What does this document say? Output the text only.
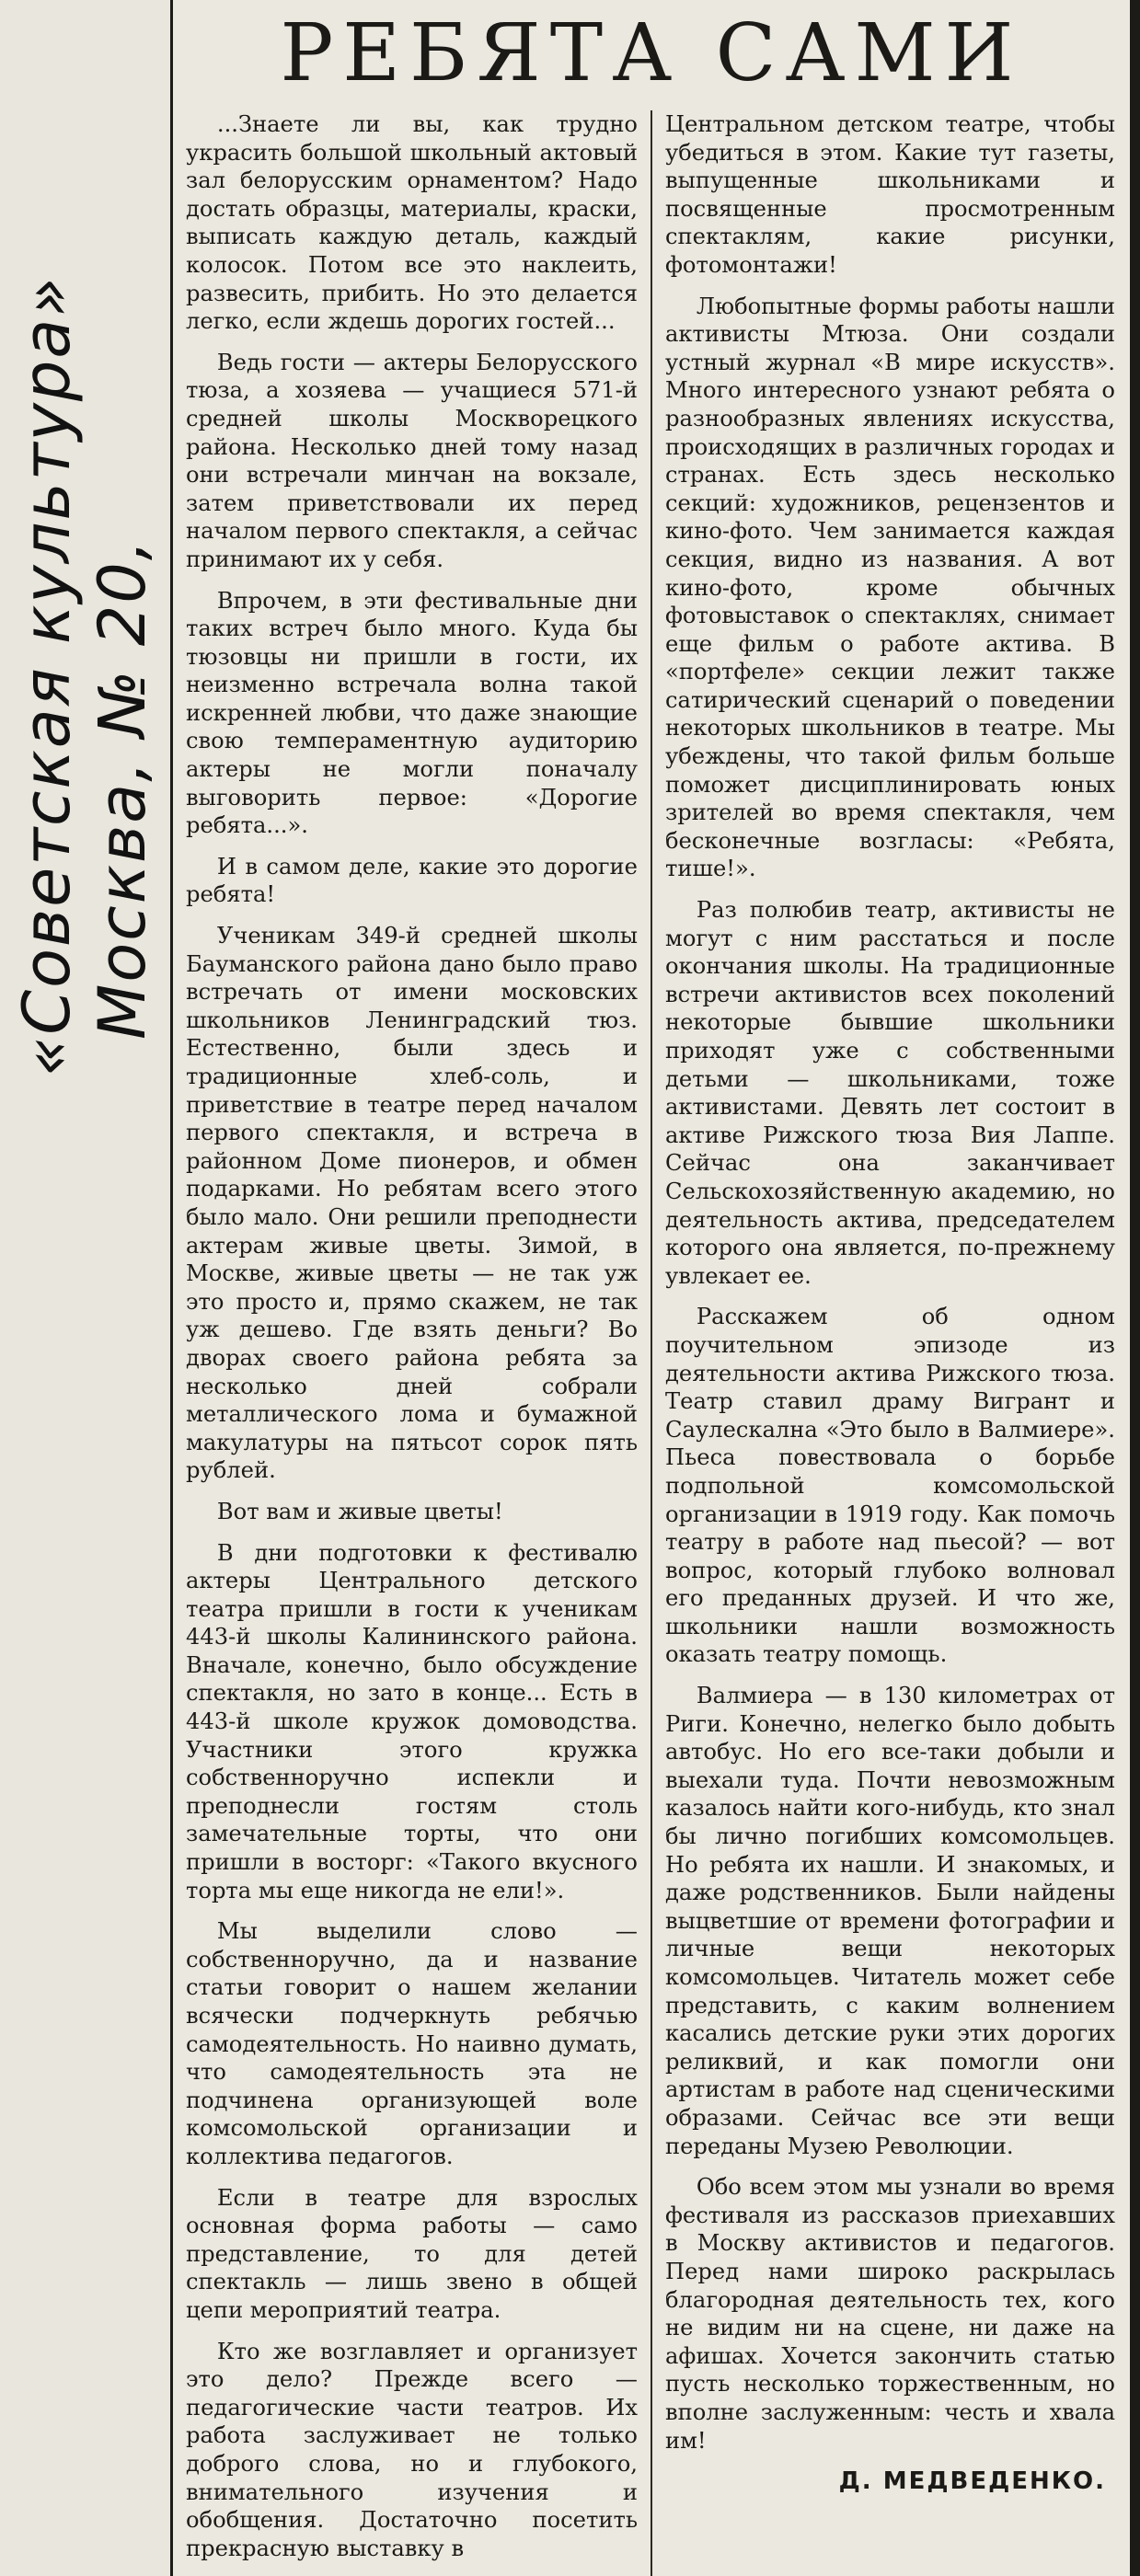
«Советская культура» Москва, № 20,
РЕБЯТА САМИ

...Знаете ли вы, как трудно украсить большой школьный актовый зал белорусским орнаментом? Надо достать образцы, материалы, краски, выписать каждую деталь, каждый колосок. Потом все это наклеить, развесить, прибить. Но это делается легко, если ждешь дорогих гостей...

Ведь гости — актеры Белорусского тюза, а хозяева — учащиеся 571-й средней школы Москворецкого района. Несколько дней тому назад они встречали минчан на вокзале, затем приветствовали их перед началом первого спектакля, а сейчас принимают их у себя.

Впрочем, в эти фестивальные дни таких встреч было много. Куда бы тюзовцы ни пришли в гости, их неизменно встречала волна такой искренней любви, что даже знающие свою темпераментную аудиторию актеры не могли поначалу выговорить первое: «Дорогие ребята...».

И в самом деле, какие это дорогие ребята!

Ученикам 349-й средней школы Бауманского района дано было право встречать от имени московских школьников Ленинградский тюз. Естественно, были здесь и традиционные хлеб-соль, и приветствие в театре перед началом первого спектакля, и встреча в районном Доме пионеров, и обмен подарками. Но ребятам всего этого было мало. Они решили преподнести актерам живые цветы. Зимой, в Москве, живые цветы — не так уж это просто и, прямо скажем, не так уж дешево. Где взять деньги? Во дворах своего района ребята за несколько дней собрали металлического лома и бумажной макулатуры на пятьсот сорок пять рублей.

Вот вам и живые цветы!

В дни подготовки к фестивалю актеры Центрального детского театра пришли в гости к ученикам 443-й школы Калининского района. Вначале, конечно, было обсуждение спектакля, но зато в конце... Есть в 443-й школе кружок домоводства. Участники этого кружка собственноручно испекли и преподнесли гостям столь замечательные торты, что они пришли в восторг: «Такого вкусного торта мы еще никогда не ели!».

Мы выделили слово — собственноручно, да и название статьи говорит о нашем желании всячески подчеркнуть ребячью самодеятельность. Но наивно думать, что самодеятельность эта не подчинена организующей воле комсомольской организации и коллектива педагогов.

Если в театре для взрослых основная форма работы — само представление, то для детей спектакль — лишь звено в общей цепи мероприятий театра.

Кто же возглавляет и организует это дело? Прежде всего — педагогические части театров. Их работа заслуживает не только доброго слова, но и глубокого, внимательного изучения и обобщения. Достаточно посетить прекрасную выставку в

Центральном детском театре, чтобы убедиться в этом. Какие тут газеты, выпущенные школьниками и посвященные просмотренным спектаклям, какие рисунки, фотомонтажи!

Любопытные формы работы нашли активисты Мтюза. Они создали устный журнал «В мире искусств». Много интересного узнают ребята о разнообразных явлениях искусства, происходящих в различных городах и странах. Есть здесь несколько секций: художников, рецензентов и кино-фото. Чем занимается каждая секция, видно из названия. А вот кино-фото, кроме обычных фотовыставок о спектаклях, снимает еще фильм о работе актива. В «портфеле» секции лежит также сатирический сценарий о поведении некоторых школьников в театре. Мы убеждены, что такой фильм больше поможет дисциплинировать юных зрителей во время спектакля, чем бесконечные возгласы: «Ребята, тише!».

Раз полюбив театр, активисты не могут с ним расстаться и после окончания школы. На традиционные встречи активистов всех поколений некоторые бывшие школьники приходят уже с собственными детьми — школьниками, тоже активистами. Девять лет состоит в активе Рижского тюза Вия Лаппе. Сейчас она заканчивает Сельскохозяйственную академию, но деятельность актива, председателем которого она является, по-прежнему увлекает ее.

Расскажем об одном поучительном эпизоде из деятельности актива Рижского тюза. Театр ставил драму Вигрант и Саулескална «Это было в Валмиере». Пьеса повествовала о борьбе подпольной комсомольской организации в 1919 году. Как помочь театру в работе над пьесой? — вот вопрос, который глубоко волновал его преданных друзей. И что же, школьники нашли возможность оказать театру помощь.

Валмиера — в 130 километрах от Риги. Конечно, нелегко было добыть автобус. Но его все-таки добыли и выехали туда. Почти невозможным казалось найти кого-нибудь, кто знал бы лично погибших комсомольцев. Но ребята их нашли. И знакомых, и даже родственников. Были найдены выцветшие от времени фотографии и личные вещи некоторых комсомольцев. Читатель может себе представить, с каким волнением касались детские руки этих дорогих реликвий, и как помогли они артистам в работе над сценическими образами. Сейчас все эти вещи переданы Музею Революции.

Обо всем этом мы узнали во время фестиваля из рассказов приехавших в Москву активистов и педагогов. Перед нами широко раскрылась благородная деятельность тех, кого не видим ни на сцене, ни даже на афишах. Хочется закончить статью пусть несколько торжественным, но вполне заслуженным: честь и хвала им!

Д. МЕДВЕДЕНКО.
